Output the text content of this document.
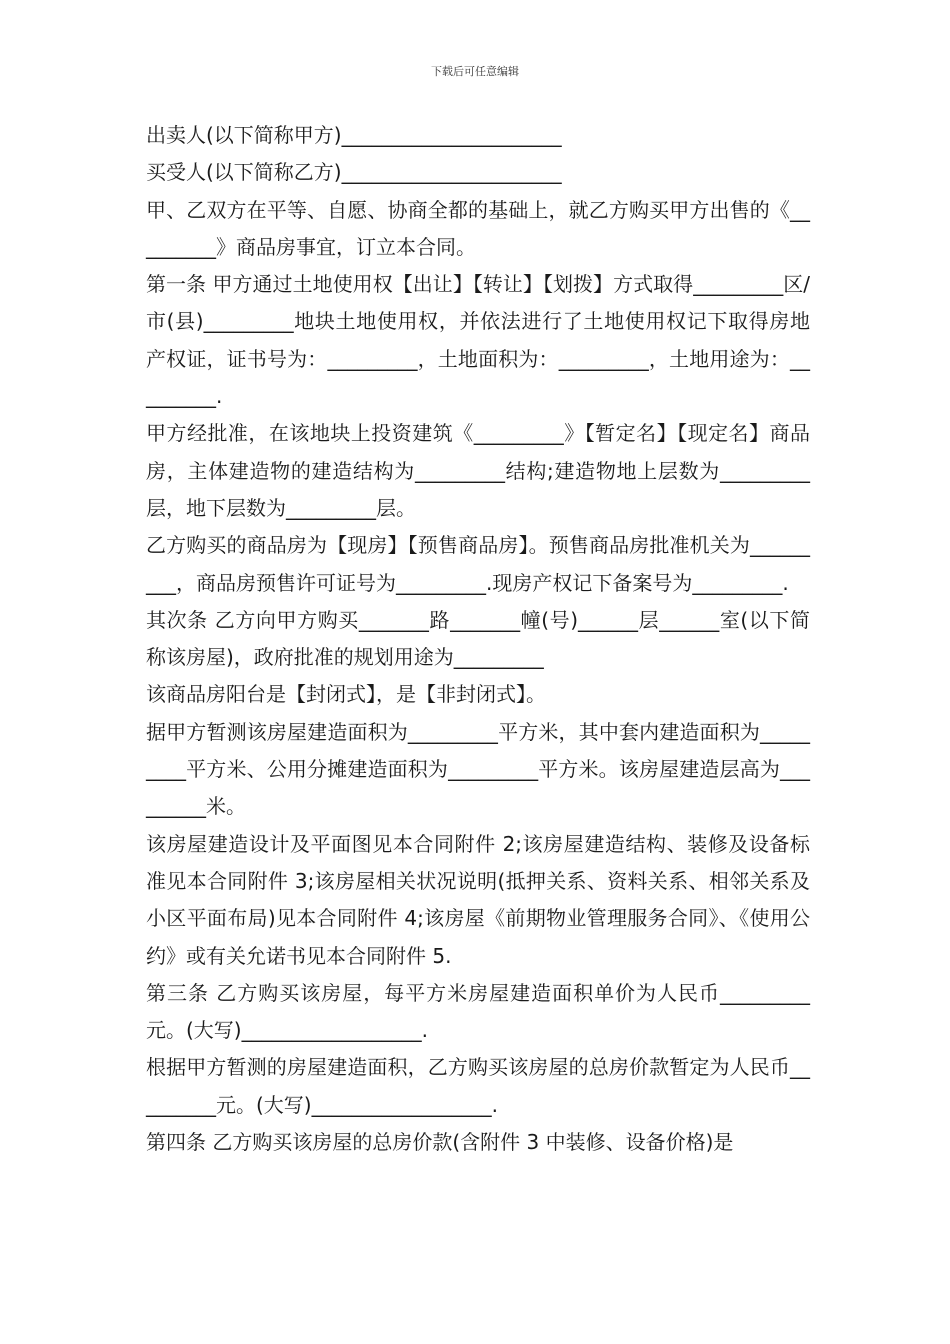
下载后可任意编辑

出卖人(以下简称甲方)______________________

买受人(以下简称乙方)______________________

甲、乙双方在平等、自愿、协商全都的基础上，就乙方购买甲方出售的《_________》商品房事宜，订立本合同。

第一条 甲方通过土地使用权【出让】【转让】【划拨】方式取得_________区/市(县)_________地块土地使用权，并依法进行了土地使用权记下取得房地产权证，证书号为：_________，土地面积为：_________，土地用途为：_________.

甲方经批准，在该地块上投资建筑《_________》【暂定名】【现定名】商品房，主体建造物的建造结构为_________结构;建造物地上层数为_________层，地下层数为_________层。

乙方购买的商品房为【现房】【预售商品房】。预售商品房批准机关为_________，商品房预售许可证号为_________.现房产权记下备案号为_________.

其次条 乙方向甲方购买_______路_______幢(号)______层______室(以下简称该房屋)，政府批准的规划用途为_________

该商品房阳台是【封闭式】，是【非封闭式】。

据甲方暂测该房屋建造面积为_________平方米，其中套内建造面积为_________平方米、公用分摊建造面积为_________平方米。该房屋建造层高为_________米。

该房屋建造设计及平面图见本合同附件 2;该房屋建造结构、装修及设备标准见本合同附件 3;该房屋相关状况说明(抵押关系、资料关系、相邻关系及小区平面布局)见本合同附件 4;该房屋《前期物业管理服务合同》、《使用公约》或有关允诺书见本合同附件 5.

第三条 乙方购买该房屋，每平方米房屋建造面积单价为人民币_________元。(大写)__________________.

根据甲方暂测的房屋建造面积，乙方购买该房屋的总房价款暂定为人民币_________元。(大写)__________________.

第四条 乙方购买该房屋的总房价款(含附件 3 中装修、设备价格)是
